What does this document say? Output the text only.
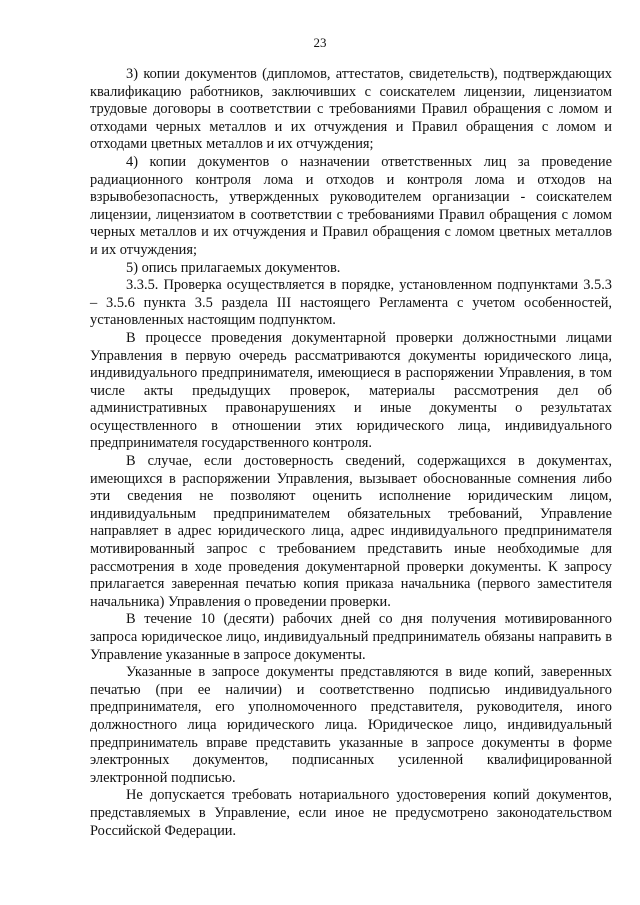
23

3) копии документов (дипломов, аттестатов, свидетельств), подтверждающих квалификацию работников, заключивших с соискателем лицензии, лицензиатом трудовые договоры в соответствии с требованиями Правил обращения с ломом и отходами черных металлов и их отчуждения и Правил обращения с ломом и отходами цветных металлов и их отчуждения;

4) копии документов о назначении ответственных лиц за проведение радиационного контроля лома и отходов и контроля лома и отходов на взрывобезопасность, утвержденных руководителем организации - соискателем лицензии, лицензиатом в соответствии с требованиями Правил обращения с ломом черных металлов и их отчуждения и Правил обращения с ломом цветных металлов и их отчуждения;

5) опись прилагаемых документов.

3.3.5. Проверка осуществляется в порядке, установленном подпунктами 3.5.3 – 3.5.6 пункта 3.5 раздела III настоящего Регламента с учетом особенностей, установленных настоящим подпунктом.

В процессе проведения документарной проверки должностными лицами Управления в первую очередь рассматриваются документы юридического лица, индивидуального предпринимателя, имеющиеся в распоряжении Управления, в том числе акты предыдущих проверок, материалы рассмотрения дел об административных правонарушениях и иные документы о результатах осуществленного в отношении этих юридического лица, индивидуального предпринимателя государственного контроля.

В случае, если достоверность сведений, содержащихся в документах, имеющихся в распоряжении Управления, вызывает обоснованные сомнения либо эти сведения не позволяют оценить исполнение юридическим лицом, индивидуальным предпринимателем обязательных требований, Управление направляет в адрес юридического лица, адрес индивидуального предпринимателя мотивированный запрос с требованием представить иные необходимые для рассмотрения в ходе проведения документарной проверки документы. К запросу прилагается заверенная печатью копия приказа начальника (первого заместителя начальника) Управления о проведении проверки.

В течение 10 (десяти) рабочих дней со дня получения мотивированного запроса юридическое лицо, индивидуальный предприниматель обязаны направить в Управление указанные в запросе документы.

Указанные в запросе документы представляются в виде копий, заверенных печатью (при ее наличии) и соответственно подписью индивидуального предпринимателя, его уполномоченного представителя, руководителя, иного должностного лица юридического лица. Юридическое лицо, индивидуальный предприниматель вправе представить указанные в запросе документы в форме электронных документов, подписанных усиленной квалифицированной электронной подписью.

Не допускается требовать нотариального удостоверения копий документов, представляемых в Управление, если иное не предусмотрено законодательством Российской Федерации.
